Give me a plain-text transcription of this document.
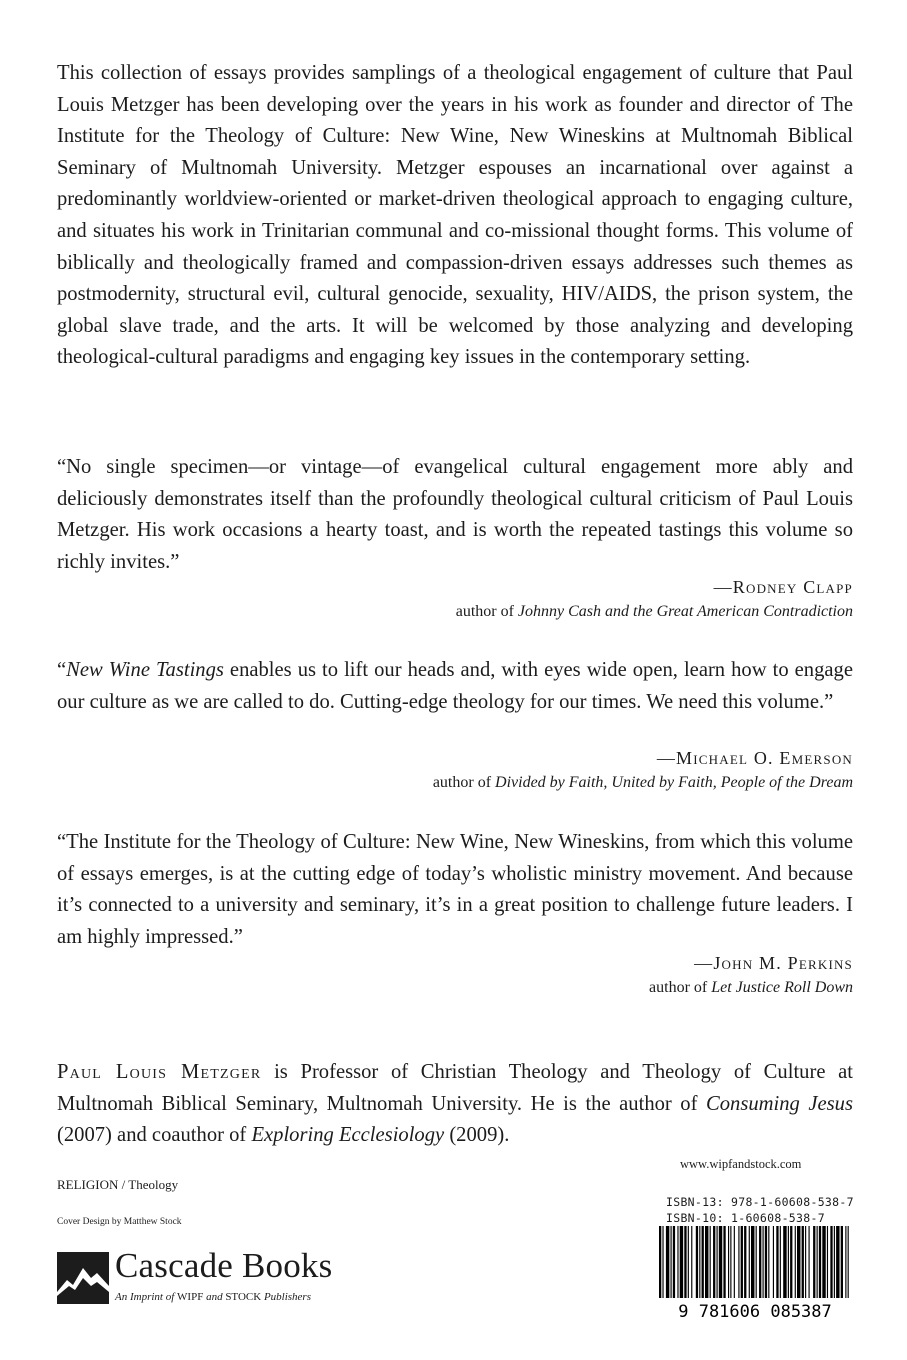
This collection of essays provides samplings of a theological engagement of culture that Paul Louis Metzger has been developing over the years in his work as founder and director of The Institute for the Theology of Culture: New Wine, New Wineskins at Multnomah Biblical Seminary of Multnomah University. Metzger espouses an incarnational over against a predominantly worldview-oriented or market-driven theological approach to engaging culture, and situates his work in Trinitarian communal and co-missional thought forms. This volume of biblically and theologically framed and compassion-driven essays addresses such themes as postmodernity, structural evil, cultural genocide, sexuality, HIV/AIDS, the prison system, the global slave trade, and the arts. It will be welcomed by those analyzing and developing theological-cultural paradigms and engaging key issues in the contemporary setting.

“No single specimen—or vintage—of evangelical cultural engagement more ably and deliciously demonstrates itself than the profoundly theological cultural criticism of Paul Louis Metzger. His work occasions a hearty toast, and is worth the repeated tastings this volume so richly invites.”

—Rodney Clapp

author of Johnny Cash and the Great American Contradiction

“New Wine Tastings enables us to lift our heads and, with eyes wide open, learn how to engage our culture as we are called to do. Cutting-edge theology for our times. We need this volume.”

—Michael O. Emerson

author of Divided by Faith, United by Faith, People of the Dream

“The Institute for the Theology of Culture: New Wine, New Wineskins, from which this volume of essays emerges, is at the cutting edge of today’s wholistic ministry movement. And because it’s connected to a university and seminary, it’s in a great position to challenge future leaders. I am highly impressed.”

—John M. Perkins

author of Let Justice Roll Down

Paul Louis Metzger is Professor of Christian Theology and Theology of Culture at Multnomah Biblical Seminary, Multnomah University. He is the author of Consuming Jesus (2007) and coauthor of Exploring Ecclesiology (2009).

www.wipfandstock.com

RELIGION / Theology

Cover Design by Matthew Stock

Cascade Books
An Imprint of WIPF and STOCK Publishers

ISBN-13: 978-1-60608-538-7

ISBN-10: 1-60608-538-7

9 781606 085387
